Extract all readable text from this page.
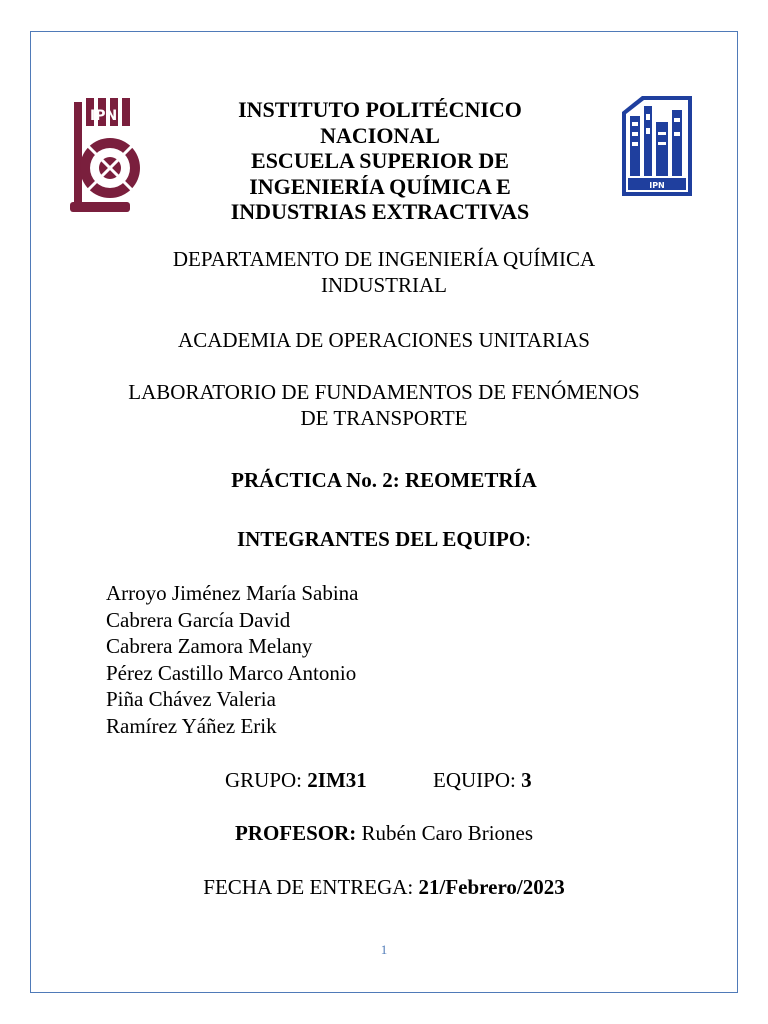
IPN
IPN
INSTITUTO POLITÉCNICO
NACIONAL
ESCUELA SUPERIOR DE
INGENIERÍA QUÍMICA E
INDUSTRIAS EXTRACTIVAS
DEPARTAMENTO DE INGENIERÍA QUÍMICA
INDUSTRIAL
ACADEMIA DE OPERACIONES UNITARIAS
LABORATORIO DE FUNDAMENTOS DE FENÓMENOS
DE TRANSPORTE
PRÁCTICA No. 2: REOMETRÍA
INTEGRANTES DEL EQUIPO:
Arroyo Jiménez María Sabina
Cabrera García David
Cabrera Zamora Melany
Pérez Castillo Marco Antonio
Piña Chávez Valeria
Ramírez Yáñez Erik
GRUPO: 2IM31	EQUIPO: 3
PROFESOR: Rubén Caro Briones
FECHA DE ENTREGA: 21/Febrero/2023
1
